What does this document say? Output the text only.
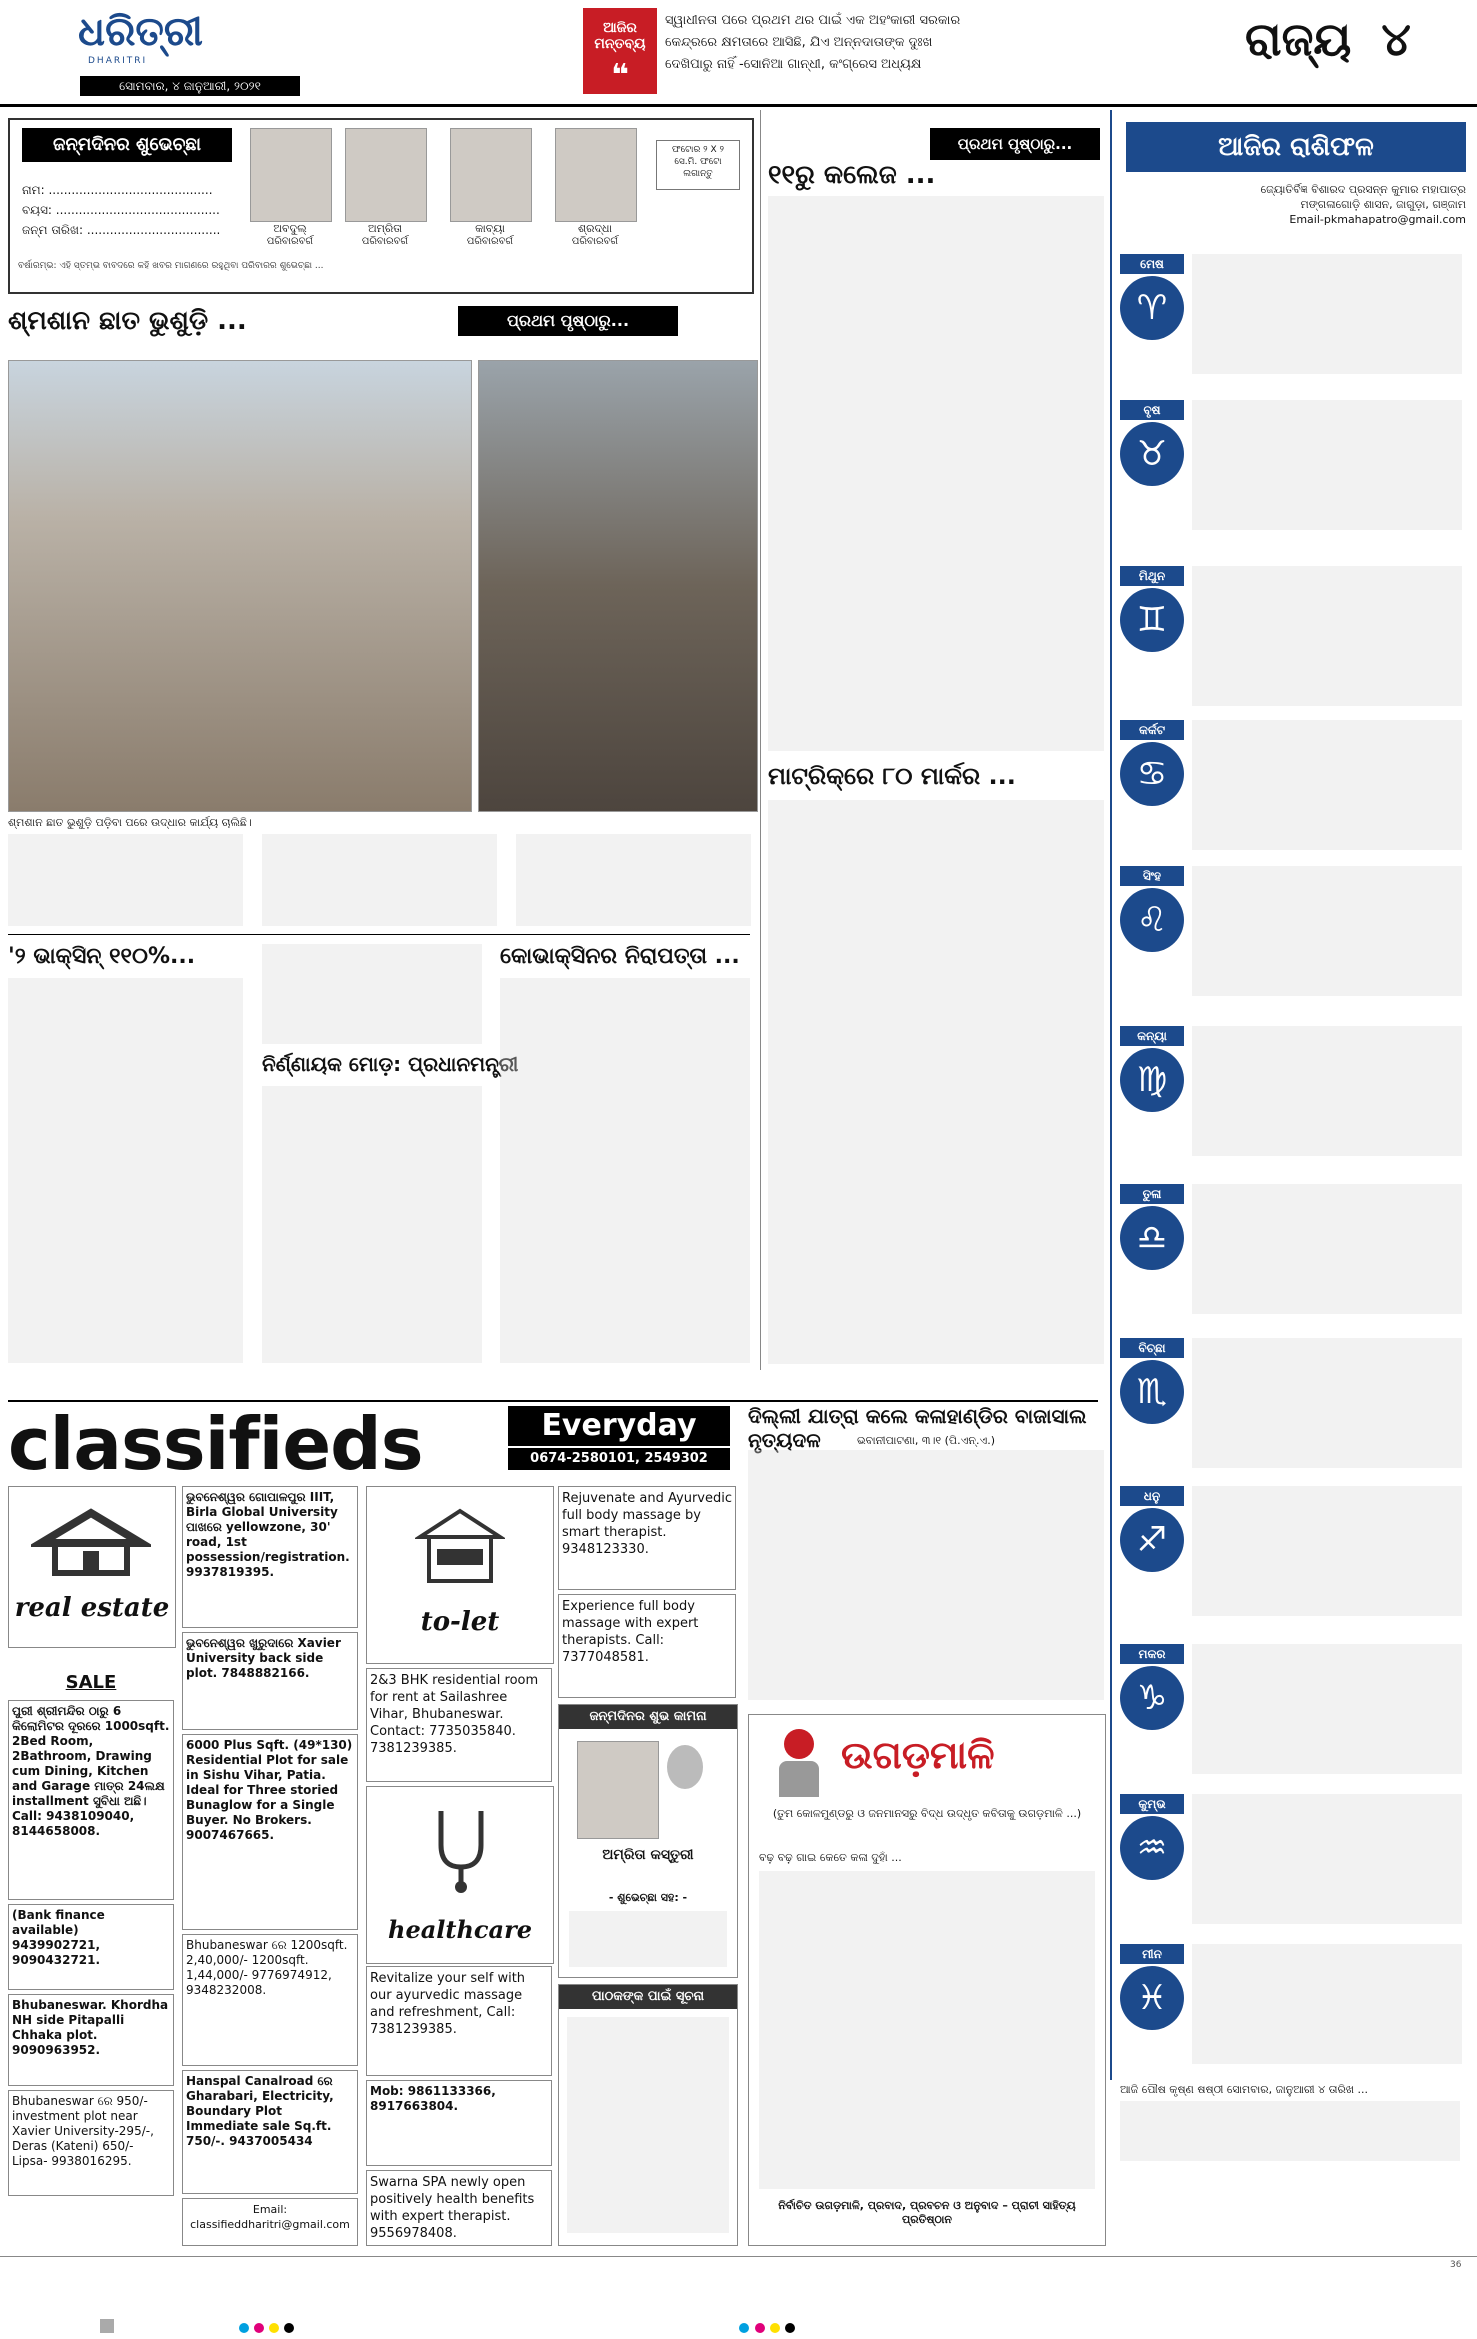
ଧରିତ୍ରୀ
DHARITRI
ସୋମବାର, ୪ ଜାନୁଆରୀ, ୨୦୨୧
ଆଜିର ମନ୍ତବ୍ୟ
❝
ସ୍ୱାଧୀନତା ପରେ ପ୍ରଥମ ଥର ପାଇଁ ଏକ ଅହଂକାରୀ ସରକାର
କେନ୍ଦ୍ରରେ କ୍ଷମତାରେ ଆସିଛି, ଯିଏ ଅନ୍ନଦାତାଙ୍କ ଦୁଃଖ
ଦେଖିପାରୁ ନାହିଁ -ସୋନିଆ ଗାନ୍ଧୀ, କଂଗ୍ରେସ ଅଧ୍ୟକ୍ଷ	ରାଜ୍ୟ ୪
ଜନ୍ମଦିନର ଶୁଭେଚ୍ଛା
ନାମ: ...........................................
ବୟସ: ...........................................
ଜନ୍ମ ତାରିଖ: ...................................	ଅବଦୁଲ୍
ପରିବାରବର୍ଗ
ଅମ୍ରିତା
ପରିବାରବର୍ଗ
କାବ୍ୟା
ପରିବାରବର୍ଗ
ଶ୍ରଦ୍ଧା
ପରିବାରବର୍ଗ
ଫଟୋର ୨ X ୨ ସେ.ମି. ଫଟୋ ଲଗାନ୍ତୁ
ବର୍ଷାରମ୍ଭ: ଏହି ସ୍ତମ୍ଭ ବାବଦରେ କହି ଖବର ମାଗଣରେ ରହୁଥିବା ପରିବାରର ଶୁଭେଚ୍ଛା ...
ଶ୍ମଶାନ ଛାତ ଭୁଶୁଡ଼ି ...	ପ୍ରଥମ ପୃଷ୍ଠାରୁ...
ଶ୍ମଶାନ ଛାତ ଭୁଶୁଡ଼ି ପଡ଼ିବା ପରେ ଉଦ୍ଧାର କାର୍ଯ୍ୟ ଚାଲିଛି।
'୨ ଭାକ୍ସିନ୍ ୧୧୦%...
ନିର୍ଣ୍ଣାୟକ ମୋଡ଼: ପ୍ରଧାନମନ୍ତ୍ରୀ
କୋଭାକ୍ସିନର ନିରାପତ୍ତା ...
ପ୍ରଥମ ପୃଷ୍ଠାରୁ...
୧୧ରୁ କଲେଜ ...
ମାଟ୍ରିକ୍‌ରେ ୮୦ ମାର୍କର ...
ଆଜିର ରାଶିଫଳ
ଜ୍ୟୋତିର୍ବିଜ୍ଞ ବିଶାରଦ ପ୍ରସନ୍ନ କୁମାର ମହାପାତ୍ର
ମଙ୍ଗଳାଗୋଡ଼ି ଶାସନ, ଜାଗୁଡ଼ା, ଗଞ୍ଜାମ
Email-pkmahapatro@gmail.com
ମେଷ
♈
ବୃଷ
♉
ମିଥୁନ
♊
କର୍କଟ
♋
ସିଂହ
♌
କନ୍ୟା
♍
ତୁଳା
♎
ବିଚ୍ଛା
♏
ଧନୁ
♐
ମକର
♑
କୁମ୍ଭ
♒
ମୀନ
♓
ଆଜି ପୌଷ କୃଷ୍ଣ ଷଷ୍ଠୀ ସୋମବାର, ଜାନୁଆରୀ ୪ ତାରିଖ ...
classifieds	Everyday
0674-2580101, 2549302
real estate
SALE
ପୁରୀ ଶ୍ରୀମନ୍ଦିର ଠାରୁ 6 କିଲୋମିଟର ଦୂରରେ 1000sqft. 2Bed Room, 2Bathroom, Drawing cum Dining, Kitchen and Garage ମାତ୍ର 24ଲକ୍ଷ installment ସୁବିଧା ଅଛି। Call: 9438109040, 8144658008.
(Bank finance available) 9439902721, 9090432721.
Bhubaneswar. Khordha NH side Pitapalli Chhaka plot. 9090963952.
Bhubaneswar ରେ 950/- investment plot near Xavier University-295/-, Deras (Kateni) 650/- Lipsa- 9938016295.
ଭୁବନେଶ୍ୱର ଗୋପାଳପୁର IIIT, Birla Global University ପାଖରେ yellowzone, 30' road, 1st possession/registration. 9937819395.
ଭୁବନେଶ୍ୱର ଖୁରୁଦାରେ Xavier University back side plot. 7848882166.
6000 Plus Sqft. (49*130) Residential Plot for sale in Sishu Vihar, Patia. Ideal for Three storied Bunaglow for a Single Buyer. No Brokers. 9007467665.
Bhubaneswar ରେ 1200sqft. 2,40,000/- 1200sqft. 1,44,000/- 9776974912, 9348232008.
Hanspal Canalroad ରେ Gharabari, Electricity, Boundary Plot Immediate sale Sq.ft. 750/-. 9437005434
Email: classifieddharitri@gmail.com
to-let
2&3 BHK residential room for rent at Sailashree Vihar, Bhubaneswar. Contact: 7735035840. 7381239385.
healthcare
Revitalize your self with our ayurvedic massage and refreshment, Call: 7381239385.
Mob: 9861133366, 8917663804.
Swarna SPA newly open positively health benefits with expert therapist. 9556978408.
Rejuvenate and Ayurvedic full body massage by smart therapist. 9348123330.
Experience full body massage with expert therapists. Call: 7377048581.
ଜନ୍ମଦିନର ଶୁଭ କାମନା
ଅମ୍ରିତା କସ୍ତୁରୀ
- ଶୁଭେଚ୍ଛା ସହ: -
ପାଠକଙ୍କ ପାଇଁ ସୂଚନା
ଦିଲ୍ଲୀ ଯାତ୍ରା କଲେ କଳାହାଣ୍ଡିର ବାଜାସାଲ ନୃତ୍ୟଦଳ	ଭବାନୀପାଟଣା, ୩।୧ (ପି.ଏନ୍.ଏ.)
ଉଗଡ଼ମାଳି
(ତୁମ କୋଳମୁଣ୍ଡରୁ ଓ ଜନମାନସରୁ ବିଦ୍ଧ ଉଦ୍ଧୃତ କବିତାକୁ ଉଗଡ଼ମାଳି ...)
ବଢ଼ ବଢ଼ ଗାଇ କେତେ କଳା ଦୁହାଁ ...
ନିର୍ବାଚିତ ଉଗଡ଼ମାଳି, ପ୍ରବାଦ, ପ୍ରବଚନ ଓ ଅନୁବାଦ – ପ୍ରାଚୀ ସାହିତ୍ୟ ପ୍ରତିଷ୍ଠାନ
36
